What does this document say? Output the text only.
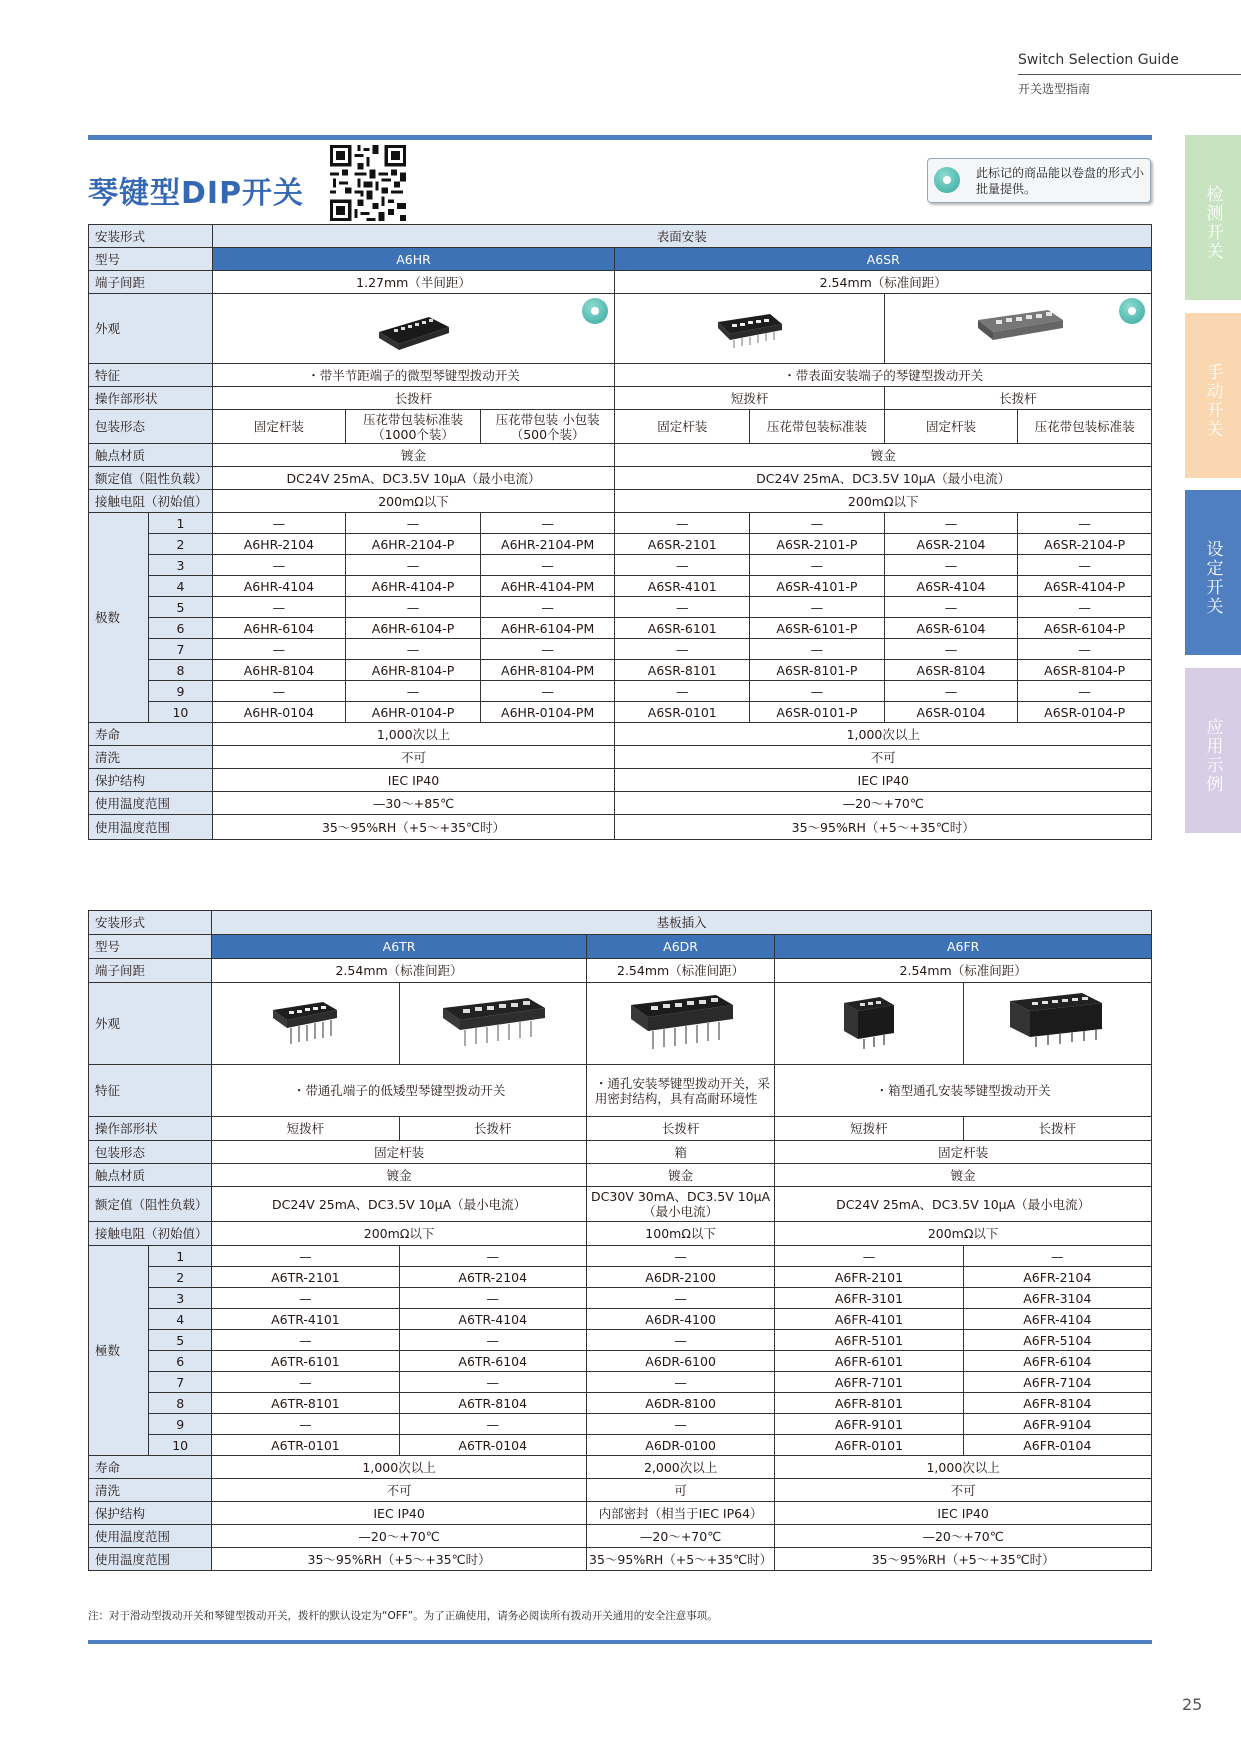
Switch Selection Guide
开关选型指南
琴键型DIP开关
此标记的商品能以卷盘的形式小批量提供。	检测开关
手动开关
设定开关
应用示例
安装形式		表面安装						
型号		A6HR			A6SR			
端子间距		1.27mm（半间距）			2.54mm（标准间距）			
外观	

特征		・带半节距端子的微型琴键型拨动开关			・带表面安装端子的琴键型拨动开关			
操作部形状		长拨杆			短拨杆		长拨杆	
包装形态		固定杆装	压花带包装标准装（1000个装）	压花带包装 小包装（500个装）	固定杆装	压花带包装标准装	固定杆装	压花带包装标准装
触点材质		镀金			镀金			
额定值（阻性负载）		DC24V 25mA、DC3.5V 10μA（最小电流）			DC24V 25mA、DC3.5V 10μA（最小电流）			
接触电阻（初始值）		200mΩ以下			200mΩ以下			
极数	1	—	—	—	—	—	—	—
	2	A6HR-2104	A6HR-2104-P	A6HR-2104-PM	A6SR-2101	A6SR-2101-P	A6SR-2104	A6SR-2104-P
	3	—	—	—	—	—	—	—
	4	A6HR-4104	A6HR-4104-P	A6HR-4104-PM	A6SR-4101	A6SR-4101-P	A6SR-4104	A6SR-4104-P
	5	—	—	—	—	—	—	—
	6	A6HR-6104	A6HR-6104-P	A6HR-6104-PM	A6SR-6101	A6SR-6101-P	A6SR-6104	A6SR-6104-P
	7	—	—	—	—	—	—	—
	8	A6HR-8104	A6HR-8104-P	A6HR-8104-PM	A6SR-8101	A6SR-8101-P	A6SR-8104	A6SR-8104-P
	9	—	—	—	—	—	—	—
	10	A6HR-0104	A6HR-0104-P	A6HR-0104-PM	A6SR-0101	A6SR-0101-P	A6SR-0104	A6SR-0104-P
寿命		1,000次以上			1,000次以上			
清洗		不可			不可			
保护结构		IEC IP40			IEC IP40			
使用温度范围		—30～+85℃			—20～+70℃			
使用温度范围		35～95%RH（+5～+35℃时）			35～95%RH（+5～+35℃时）			
安装形式		基板插入				
型号		A6TR		A6DR	A6FR	
端子间距		2.54mm（标准间距）		2.54mm（标准间距）	2.54mm（标准间距）	
外观					
特征		・带通孔端子的低矮型琴键型拨动开关		・通孔安装琴键型拨动开关，采用密封结构，具有高耐环境性	・箱型通孔安装琴键型拨动开关	
操作部形状		短拨杆	长拨杆	长拨杆	短拨杆	长拨杆
包装形态		固定杆装		箱	固定杆装	
触点材质		镀金		镀金	镀金	
额定值（阻性负载）		DC24V 25mA、DC3.5V 10μA（最小电流）		DC30V 30mA、DC3.5V 10μA（最小电流）	DC24V 25mA、DC3.5V 10μA（最小电流）	
接触电阻（初始值）		200mΩ以下		100mΩ以下	200mΩ以下	
極数	1	—	—	—	—	—
	2	A6TR-2101	A6TR-2104	A6DR-2100	A6FR-2101	A6FR-2104
	3	—	—	—	A6FR-3101	A6FR-3104
	4	A6TR-4101	A6TR-4104	A6DR-4100	A6FR-4101	A6FR-4104
	5	—	—	—	A6FR-5101	A6FR-5104
	6	A6TR-6101	A6TR-6104	A6DR-6100	A6FR-6101	A6FR-6104
	7	—	—	—	A6FR-7101	A6FR-7104
	8	A6TR-8101	A6TR-8104	A6DR-8100	A6FR-8101	A6FR-8104
	9	—	—	—	A6FR-9101	A6FR-9104
	10	A6TR-0101	A6TR-0104	A6DR-0100	A6FR-0101	A6FR-0104
寿命		1,000次以上		2,000次以上	1,000次以上	
清洗		不可		可	不可	
保护结构		IEC IP40		内部密封（相当于IEC IP64）	IEC IP40	
使用温度范围		—20～+70℃		—20～+70℃	—20～+70℃	
使用温度范围		35～95%RH（+5～+35℃时）		35～95%RH（+5～+35℃时）	35～95%RH（+5～+35℃时）	
注：对于滑动型拨动开关和琴键型拨动开关，拨杆的默认设定为“OFF”。为了正确使用，请务必阅读所有拨动开关通用的安全注意事项。
25
